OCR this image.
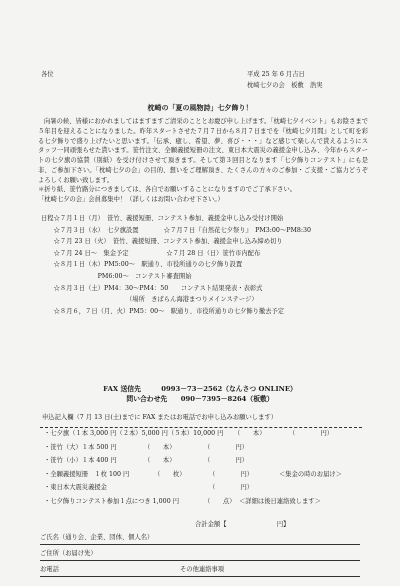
各位	平成 25 年 6 月吉日
枕崎七夕の会　板敷　浩実
枕崎の「夏の風物詩」七夕飾り！

向暑の候、皆様におかれましてはますますご清栄のこととお慶び申し上げます。「枕崎七夕イベント」もお陰さまで５年目を迎えることになりました。昨年スタートさせた７月７日から８月７日までを『枕崎七夕月間』として町を彩る七夕飾りで盛り上げたいと思います。「伝承、癒し、希望、夢、喜び・・・」など感じて楽しんで貰えるようにスタッフ一同頑張らせた貰います。笹竹注文、全願義援短冊の注文、東日本大震災の義援金申し込み、今年からスタートの七夕旗の協賛（別紙）を受け付けさせて頂きます。そして第３回目となります「七夕飾りコンテスト」にも是非、ご参加下さい。「枕崎七夕の会」の目的、想いをご理解頂き、たくさんの方々のご参加・ご支援・ご協力どうぞよろしくお願い致します。

＊折り紙、笹竹路分につきましては、各自でお願いすることになりますのでご了承下さい。

「枕崎七夕の会」会員募集中！（詳しくはお問い合わせ下さい。）

日程☆７月１日（月）　笹竹、義援短冊、コンテスト参加、義援金申し込み受付け開始
　　☆７月３日（水）　七夕旗設置　　　　☆７月７日『自然花七夕祭り』　PM3:00〜PM8:30
　　☆７月 23 日（火）　笹竹、義援短冊、コンテスト参加、義援金申し込み締め切り
　　☆７月 24 日〜　集金予定　　　　　　☆７月 28 日（日）笹竹市内配布
　　☆８月１日（木）PM5:00〜　駅通り、市役所通りの七夕飾り設置
　　　　　　　　　PM6:00〜　コンテスト審査開始
　　☆８月３日（土）PM4：30〜PM4：50　　コンテスト結果発表・表彰式
　　　　　　　　　　　　　　（場所　きばらん海港まつりメインステージ）
　　☆８月６，７日（月、火）PM5：00〜　駅通り、市役所通りの七夕飾り撤去予定
FAX 送信先　　　0993－73－2562（なんさつ ONLINE）
問い合わせ先　　090－7395－8264（板敷）
申込記入欄（7 月 13 日(土)までに FAX またはお電話でお申し込みお願いします）
・七夕旗（１本 3,000 円（２本）5,000 円（５本）10,000 円 （　　本）	（　　　　円）
・笹竹（大）１本 500 円	（　　本）	（　　　　円）
・笹竹（小）１本 400 円	（　　本）	（　　　　円）
・全願義援短冊　１枚 100 円	（　　枚）	（　　　　円）	＜集金の時のお届け＞
・東日本大震災義援金	（　　　　円）
・七夕飾りコンテスト参加１点につき 1,000 円	（　　点） ＜詳細は後日連絡致します＞
合計金額【　　　　　　　　円】
ご氏名（通り会、企業、団体、個人名）
ご住所（お届け先）
お電話	その他連絡事項
